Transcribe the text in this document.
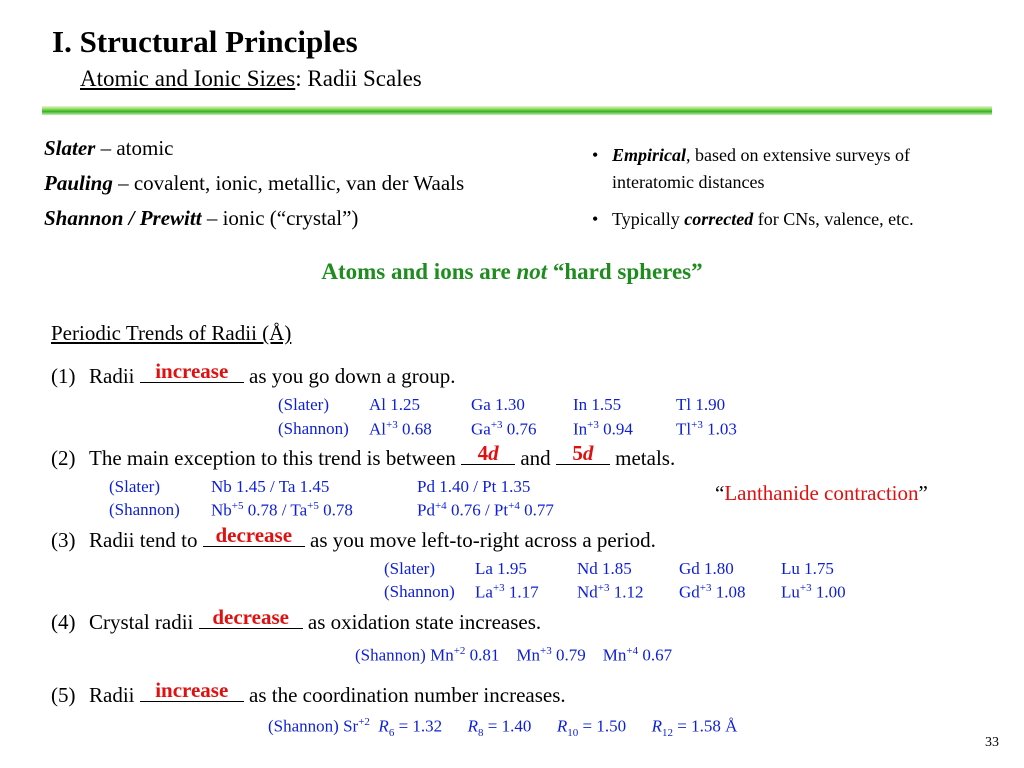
I. Structural Principles
Atomic and Ionic Sizes: Radii Scales
Slater – atomic
Pauling – covalent, ionic, metallic, van der Waals
Shannon / Prewitt – ionic (“crystal”)
• Empirical, based on extensive surveys of
interatomic distances
• Typically corrected for CNs, valence, etc.
Atoms and ions are not “hard spheres”
Periodic Trends of Radii (Å)
(1) Radii increase as you go down a group.
(Slater) Al 1.25	Ga 1.30	In 1.55	Tl 1.90
(Shannon) $Al^{+3}$ 0.68 $Ga^{+3}$ 0.76 $In^{+3}$ 0.94	$Tl^{+3}$ 1.03
(2) The main exception to this trend is between 4d and 5d metals.
(Slater)	Nb 1.45 / Ta 1.45	Pd 1.40 / Pt 1.35
(Shannon) $Nb^{+5}$ $0.78 / Ta^{+5}$ 0.78	$Pd^{+4}$ $0.76 / Pt^{+4}$ 0.77
“Lanthanide contraction”
(3) Radii tend to decrease as you move left-to-right across a period.
(Slater) La 1.95	Nd 1.85	Gd 1.80	Lu 1.75
(Shannon) $La^{+3}$ 1.17 $Nd^{+3}$ 1.12 $Gd^{+3}$ 1.08 $Lu^{+3}$ 1.00
(4) Crystal radii decrease as oxidation state increases.
(Shannon) $Mn^{+2}$ 0.81 $Mn^{+3}$ 0.79 $Mn^{+4}$ 0.67
(5) Radii increase as the coordination number increases.
(Shannon) $Sr^{+2}$ $R_6 = 1.32$ $R_8 = 1.40$ $R_{10} = 1.50$ $R_{12} = 1.58$ Å
33
